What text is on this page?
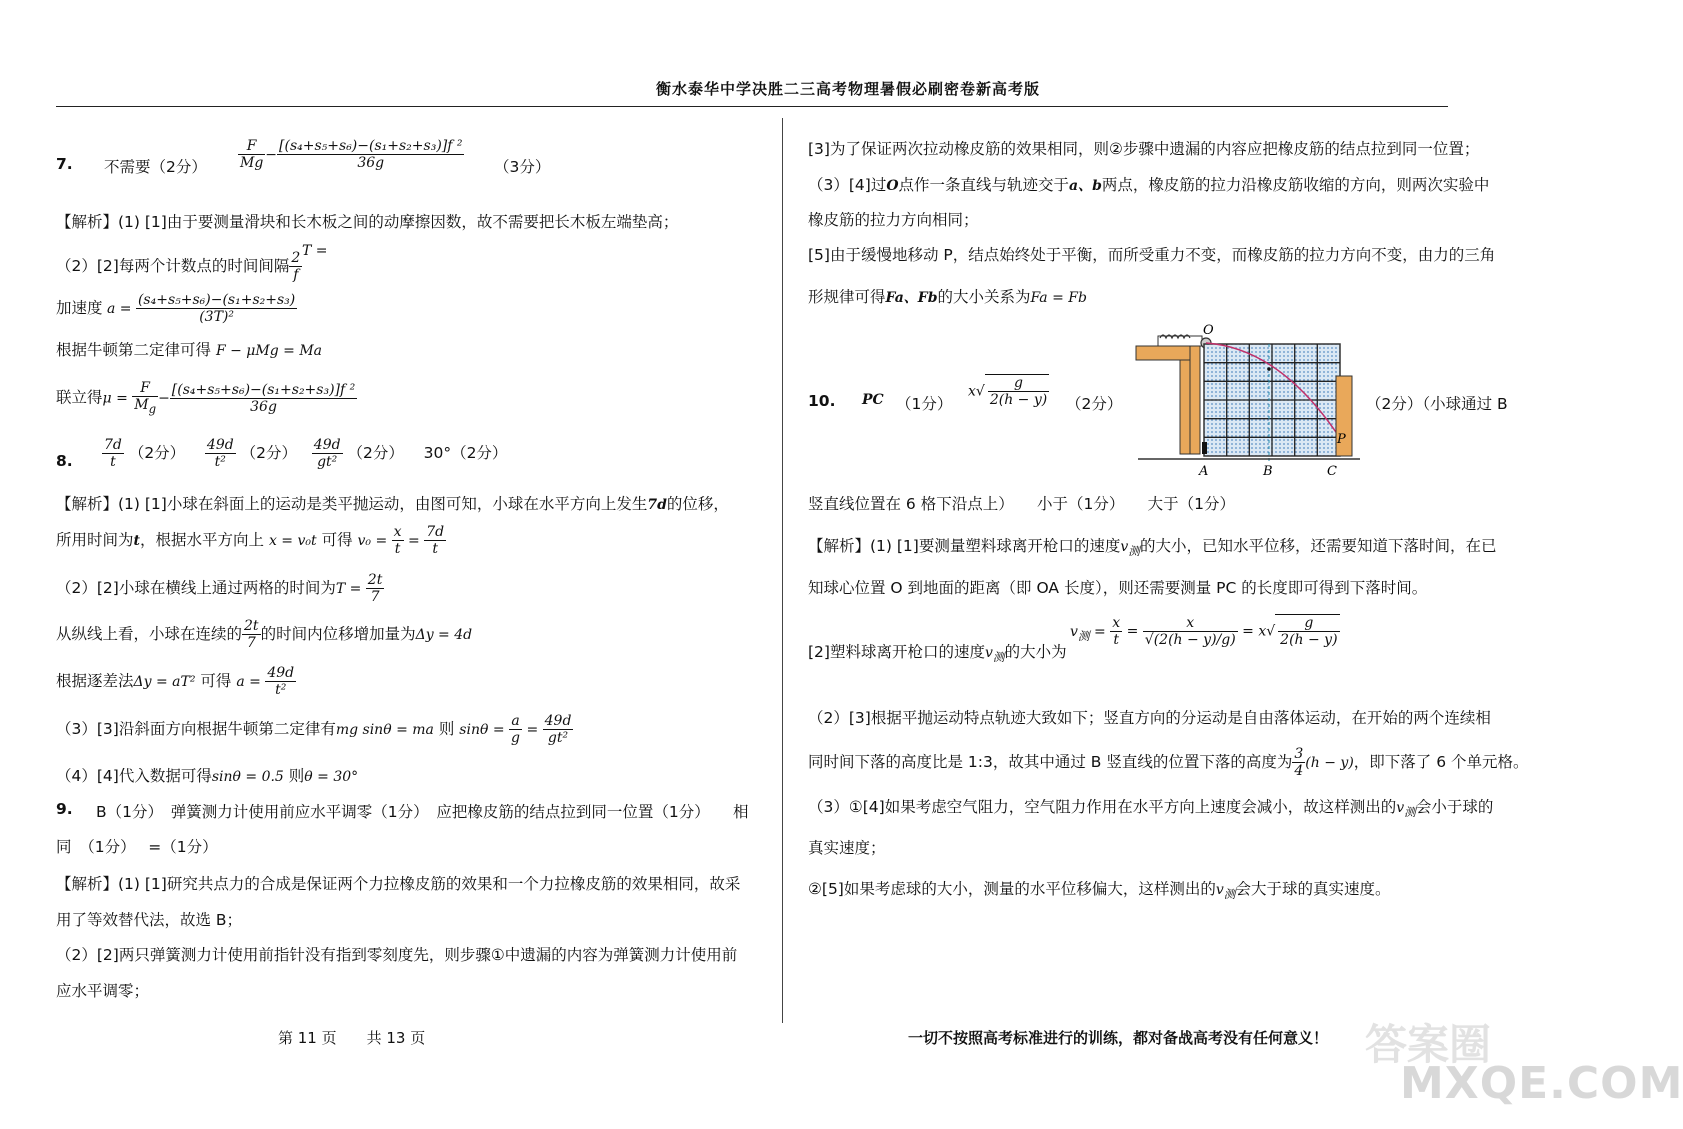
衡水泰华中学决胜二三高考物理暑假必刷密卷新高考版
7. 不需要（2分） $\frac{F}{Mg} - \frac{\text{[(s₄+s₅+s₆)−(s₁+s₂+s₃)]f ²}}{36g} (3$分）
【解析】(1) [1]由于要测量滑块和长木板之间的动摩擦因数，故不需要把长木板左端垫高；
（2）[2]每两个计数点的时间间隔 $\frac{2}{f}$ T =
加速度 $a = \frac{\text{(s₄+s₅+s₆)−(s₁+s₂+s₃)}}{\text{(3T)²}}$
根据牛顿第二定律可得 F − μMg = Ma
联立得$\mu = \frac{F}{M_g} - \frac{\text{[(s₄+s₅+s₆)−(s₁+s₂+s₃)]f ²}}{36g}$
8. $\frac{7d}{t} (2$分） $\frac{49d}{\text{t²}} (2$分） $\frac{49d}{\text{gt²}} (2$分） 30°（2分）
【解析】(1) [1]小球在斜面上的运动是类平抛运动，由图可知，小球在水平方向上发生7d的位移，
所用时间为t，根据水平方向上 x = v₀t 可得 $v_0 = \frac{x}{t} = \frac{7d}{t}$
（2）[2]小球在横线上通过两格的时间为$T = \frac{2t}{7}$
从纵线上看，小球在连续的 $\frac{2t}{7}$ 的时间内位移增加量为Δy = 4d
根据逐差法Δy = aT² 可得 $a = \frac{49d}{\text{t²}}$
（3）[3]沿斜面方向根据牛顿第二定律有mg sinθ = ma 则 $\sin\theta = \frac{a}{g} = \frac{49d}{\text{gt²}}$
（4）[4]代入数据可得sinθ = 0.5 则θ = 30°
9. B（1分）　弹簧测力计使用前应水平调零（1分）　应把橡皮筋的结点拉到同一位置（1分）　　相
同　（1分）　 =（1分）
【解析】(1) [1]研究共点力的合成是保证两个力拉橡皮筋的效果和一个力拉橡皮筋的效果相同，故采
用了等效替代法，故选 B；
（2）[2]两只弹簧测力计使用前指针没有指到零刻度先，则步骤①中遗漏的内容为弹簧测力计使用前
应水平调零；
[3]为了保证两次拉动橡皮筋的效果相同，则②步骤中遗漏的内容应把橡皮筋的结点拉到同一位置；
（3）[4]过O点作一条直线与轨迹交于a、b两点，橡皮筋的拉力沿橡皮筋收缩的方向，则两次实验中
橡皮筋的拉力方向相同；
[5]由于缓慢地移动 P，结点始终处于平衡，而所受重力不变，而橡皮筋的拉力方向不变，由力的三角
形规律可得Fa、Fb的大小关系为Fa = Fb
10. PC （1分）
$x√ \frac{g}{2(h - y)} (2$分）
O
P
A	B	C
（2分）（小球通过 B
竖直线位置在 6 格下沿点上）　　小于（1分）　　大于（1分）
【解析】(1) [1]要测量塑料球离开枪口的速度$v_测$的大小，已知水平位移，还需要知道下落时间，在已
知球心位置 O 到地面的距离（即 OA 长度），则还需要测量 PC 的长度即可得到下落时间。
[2]塑料球离开枪口的速度$v_测$的大小为
$v_测 = \frac{x}{t} = \frac{x}{√(2(h - y)/g)} = x√ \frac{g}{2(h - y)}$
（2）[3]根据平抛运动特点轨迹大致如下；竖直方向的分运动是自由落体运动，在开始的两个连续相
同时间下落的高度比是 1:3，故其中通过 B 竖直线的位置下落的高度为 $\frac{3}{4} (h - y)$，即下落了 6 个单元格。
（3）①[4]如果考虑空气阻力，空气阻力作用在水平方向上速度会减小，故这样测出的$v_测$会小于球的
真实速度；
②[5]如果考虑球的大小，测量的水平位移偏大，这样测出的$v_测$会大于球的真实速度。
第 11 页　　共 13 页	一切不按照高考标准进行的训练，都对备战高考没有任何意义！ 答案圈
MXQE.COM
